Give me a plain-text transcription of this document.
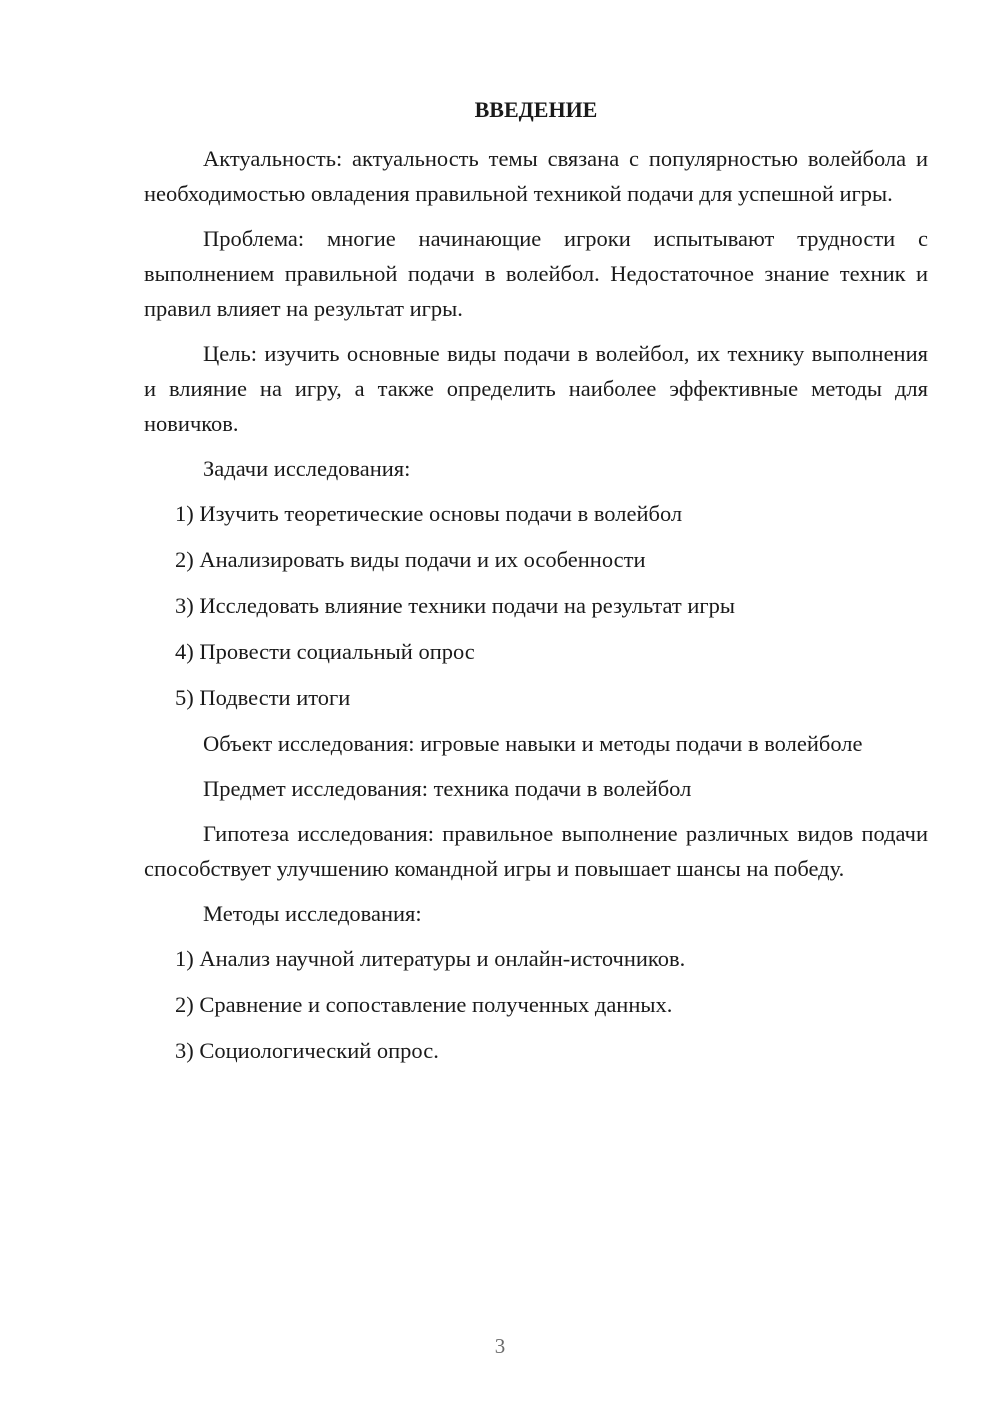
ВВЕДЕНИЕ

Актуальность: актуальность темы связана с популярностью волейбола и необходимостью овладения правильной техникой подачи для успешной игры.

Проблема: многие начинающие игроки испытывают трудности с выполнением правильной подачи в волейбол. Недостаточное знание техник и правил влияет на результат игры.

Цель: изучить основные виды подачи в волейбол, их технику выполнения и влияние на игру, а также определить наиболее эффективные методы для новичков.

Задачи исследования:

1) Изучить теоретические основы подачи в волейбол
2) Анализировать виды подачи и их особенности
3) Исследовать влияние техники подачи на результат игры
4) Провести социальный опрос
5) Подвести итоги

Объект исследования: игровые навыки и методы подачи в волейболе

Предмет исследования: техника подачи в волейбол

Гипотеза исследования: правильное выполнение различных видов подачи способствует улучшению командной игры и повышает шансы на победу.

Методы исследования:

1) Анализ научной литературы и онлайн-источников.
2) Сравнение и сопоставление полученных данных.
3) Социологический опрос.
3
